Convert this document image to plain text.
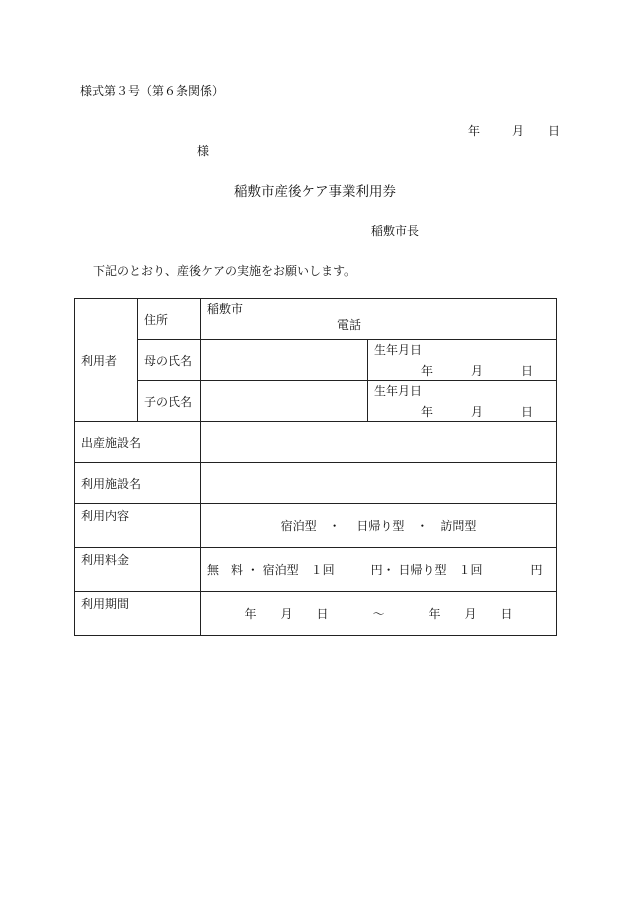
様式第３号（第６条関係）
年	月 日
様
稲敷市産後ケア事業利用券
稲敷市長
下記のとおり、産後ケアの実施をお願いします。
利用者	住所	稲敷市
電話	

	母の氏名		生年月日
年 月 日

	子の氏名		生年月日
年 月 日

出産施設名			
利用施設名			
利用内容		宿泊型　・　 日帰り型　・　訪問型	
利用料金		無　料 ・ 宿泊型　１回　　　円・ 日帰り型　１回　　　　円	
利用期間		年　　月　　日 ～ 年　　月　　日	
